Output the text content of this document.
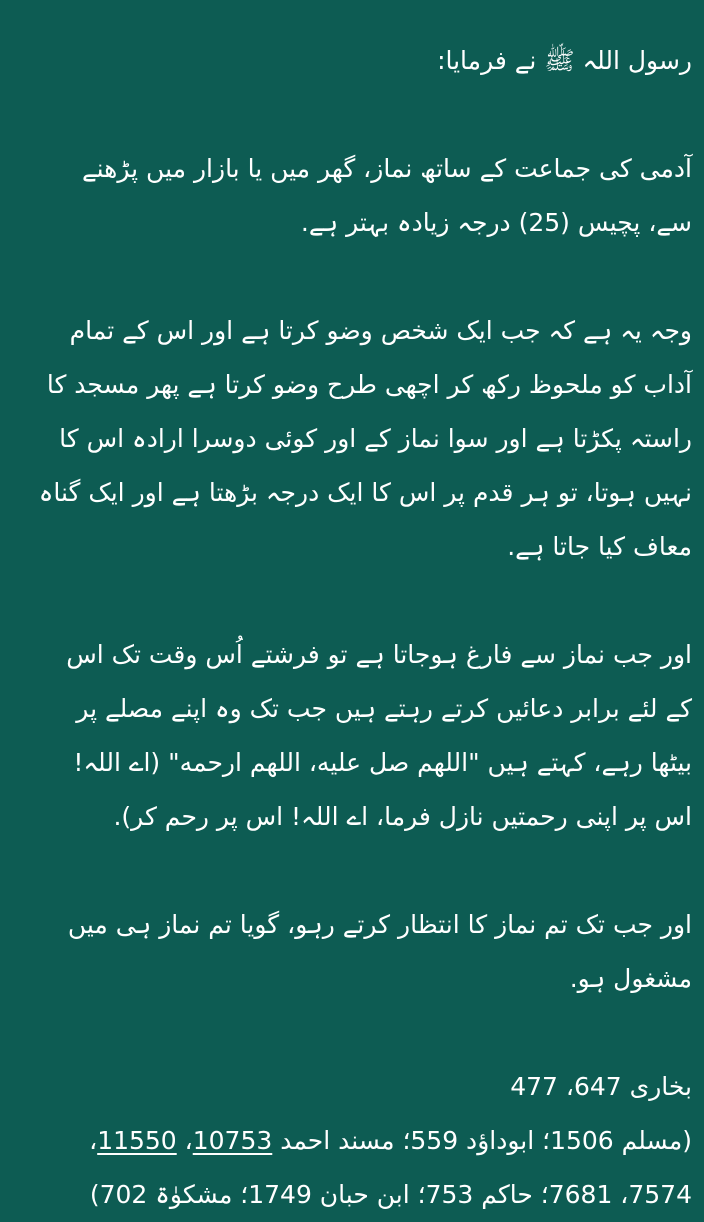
رسول اللہ ﷺ نے فرمایا:

آدمی کی جماعت کے ساتھ نماز، گھر میں یا بازار میں پڑھنے سے، پچیس (25) درجہ زیادہ بہتر ہے.

وجہ یہ ہے کہ جب ایک شخص وضو کرتا ہے اور اس کے تمام آداب کو ملحوظ رکھ کر اچھی طرح وضو کرتا ہے پھر مسجد کا راستہ پکڑتا ہے اور سوا نماز کے اور کوئی دوسرا ارادہ اس کا نہیں ہوتا، تو ہر قدم پر اس کا ایک درجہ بڑھتا ہے اور ایک گناہ معاف کیا جاتا ہے.

اور جب نماز سے فارغ ہوجاتا ہے تو فرشتے اُس وقت تک اس کے لئے برابر دعائیں کرتے رہتے ہیں جب تک وہ اپنے مصلے پر بیٹھا رہے، کہتے ہیں "اللھم صل علیه، اللھم ارحمه" (اے اللہ! اس پر اپنی رحمتیں نازل فرما، اے اللہ! اس پر رحم کر).

اور جب تک تم نماز کا انتظار کرتے رہو، گویا تم نماز ہی میں مشغول ہو.

بخاری 647، 477

(مسلم 1506؛ ابوداؤد 559؛ مسند احمد 10753، 11550، 7574، 7681؛ حاکم 753؛ ابن حبان 1749؛ مشکوٰۃ 702)
